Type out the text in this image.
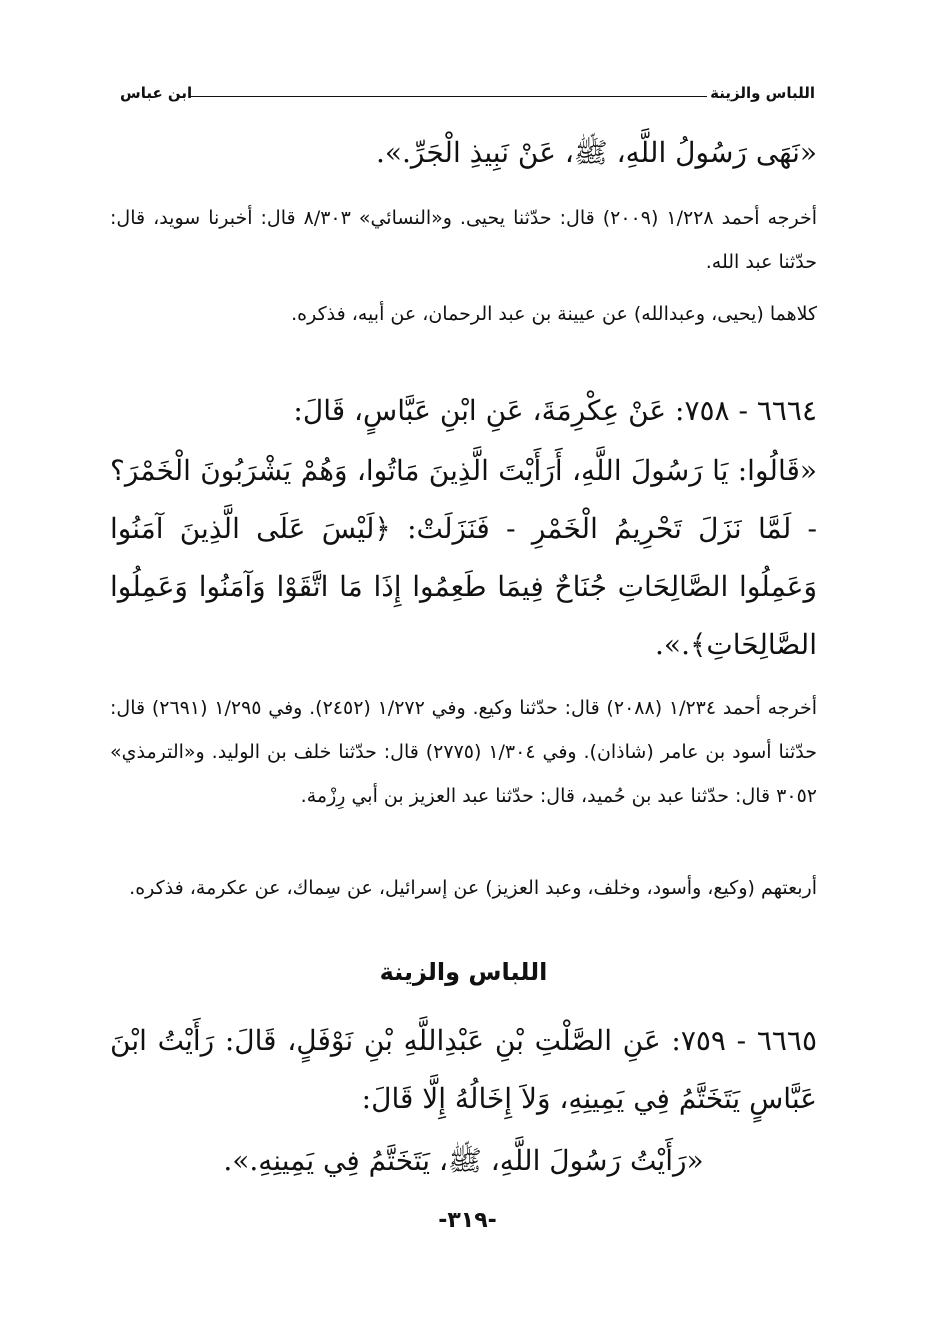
اللباس والزينة
ابن عباس
«نَهَى رَسُولُ اللَّهِ، ﷺ، عَنْ نَبِيذِ الْجَرِّ.».
أخرجه أحمد ١/٢٢٨ (٢٠٠٩) قال: حدّثنا يحيى. و«النسائي» ٨/٣٠٣ قال: أخبرنا سويد، قال: حدّثنا عبد الله.
كلاهما (يحيى، وعبدالله) عن عيينة بن عبد الرحمان، عن أبيه، فذكره.
٦٦٦٤ - ٧٥٨: عَنْ عِكْرِمَةَ، عَنِ ابْنِ عَبَّاسٍ، قَالَ:
«قَالُوا: يَا رَسُولَ اللَّهِ، أَرَأَيْتَ الَّذِينَ مَاتُوا، وَهُمْ يَشْرَبُونَ الْخَمْرَ؟ - لَمَّا نَزَلَ تَحْرِيمُ الْخَمْرِ - فَنَزَلَتْ: ﴿لَيْسَ عَلَى الَّذِينَ آمَنُوا وَعَمِلُوا الصَّالِحَاتِ جُنَاحٌ فِيمَا طَعِمُوا إِذَا مَا اتَّقَوْا وَآمَنُوا وَعَمِلُوا الصَّالِحَاتِ﴾.».
أخرجه أحمد ١/٢٣٤ (٢٠٨٨) قال: حدّثنا وكيع. وفي ١/٢٧٢ (٢٤٥٢). وفي ١/٢٩٥ (٢٦٩١) قال: حدّثنا أسود بن عامر (شاذان). وفي ١/٣٠٤ (٢٧٧٥) قال: حدّثنا خلف بن الوليد. و«الترمذي» ٣٠٥٢ قال: حدّثنا عبد بن حُميد، قال: حدّثنا عبد العزيز بن أبي رِزْمة.
أربعتهم (وكيع، وأسود، وخلف، وعبد العزيز) عن إسرائيل، عن سِماك، عن عكرمة، فذكره.
اللباس والزينة
٦٦٦٥ - ٧٥٩: عَنِ الصَّلْتِ بْنِ عَبْدِاللَّهِ بْنِ نَوْفَلٍ، قَالَ: رَأَيْتُ ابْنَ عَبَّاسٍ يَتَخَتَّمُ فِي يَمِينِهِ، وَلاَ إِخَالُهُ إِلَّا قَالَ:
«رَأَيْتُ رَسُولَ اللَّهِ، ﷺ، يَتَخَتَّمُ فِي يَمِينِهِ.».
-٣١٩-
